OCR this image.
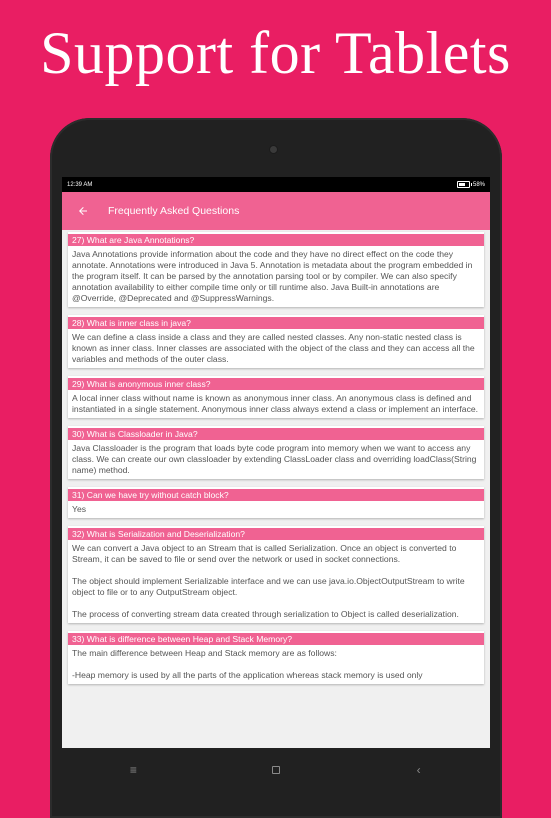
Support for Tablets
12:39 AM	58%
Frequently Asked Questions
27) What are Java Annotations?
Java Annotations provide information about the code and they have no direct effect on the code they annotate. Annotations were introduced in Java 5. Annotation is metadata about the program embedded in the program itself. It can be parsed by the annotation parsing tool or by compiler. We can also specify annotation availability to either compile time only or till runtime also. Java Built-in annotations are @Override, @Deprecated and @SuppressWarnings.
28) What is inner class in java?
We can define a class inside a class and they are called nested classes. Any non-static nested class is known as inner class. Inner classes are associated with the object of the class and they can access all the variables and methods of the outer class.
29) What is anonymous inner class?
A local inner class without name is known as anonymous inner class. An anonymous class is defined and instantiated in a single statement. Anonymous inner class always extend a class or implement an interface.
30) What is Classloader in Java?
Java Classloader is the program that loads byte code program into memory when we want to access any class. We can create our own classloader by extending ClassLoader class and overriding loadClass(String name) method.
31) Can we have try without catch block?
Yes
32) What is Serialization and Deserialization?
We can convert a Java object to an Stream that is called Serialization. Once an object is converted to Stream, it can be saved to file or send over the network or used in socket connections.

The object should implement Serializable interface and we can use java.io.ObjectOutputStream to write object to file or to any OutputStream object.

The process of converting stream data created through serialization to Object is called deserialization.
33) What is difference between Heap and Stack Memory?
The main difference between Heap and Stack memory are as follows:

-Heap memory is used by all the parts of the application whereas stack memory is used only
≡	‹
